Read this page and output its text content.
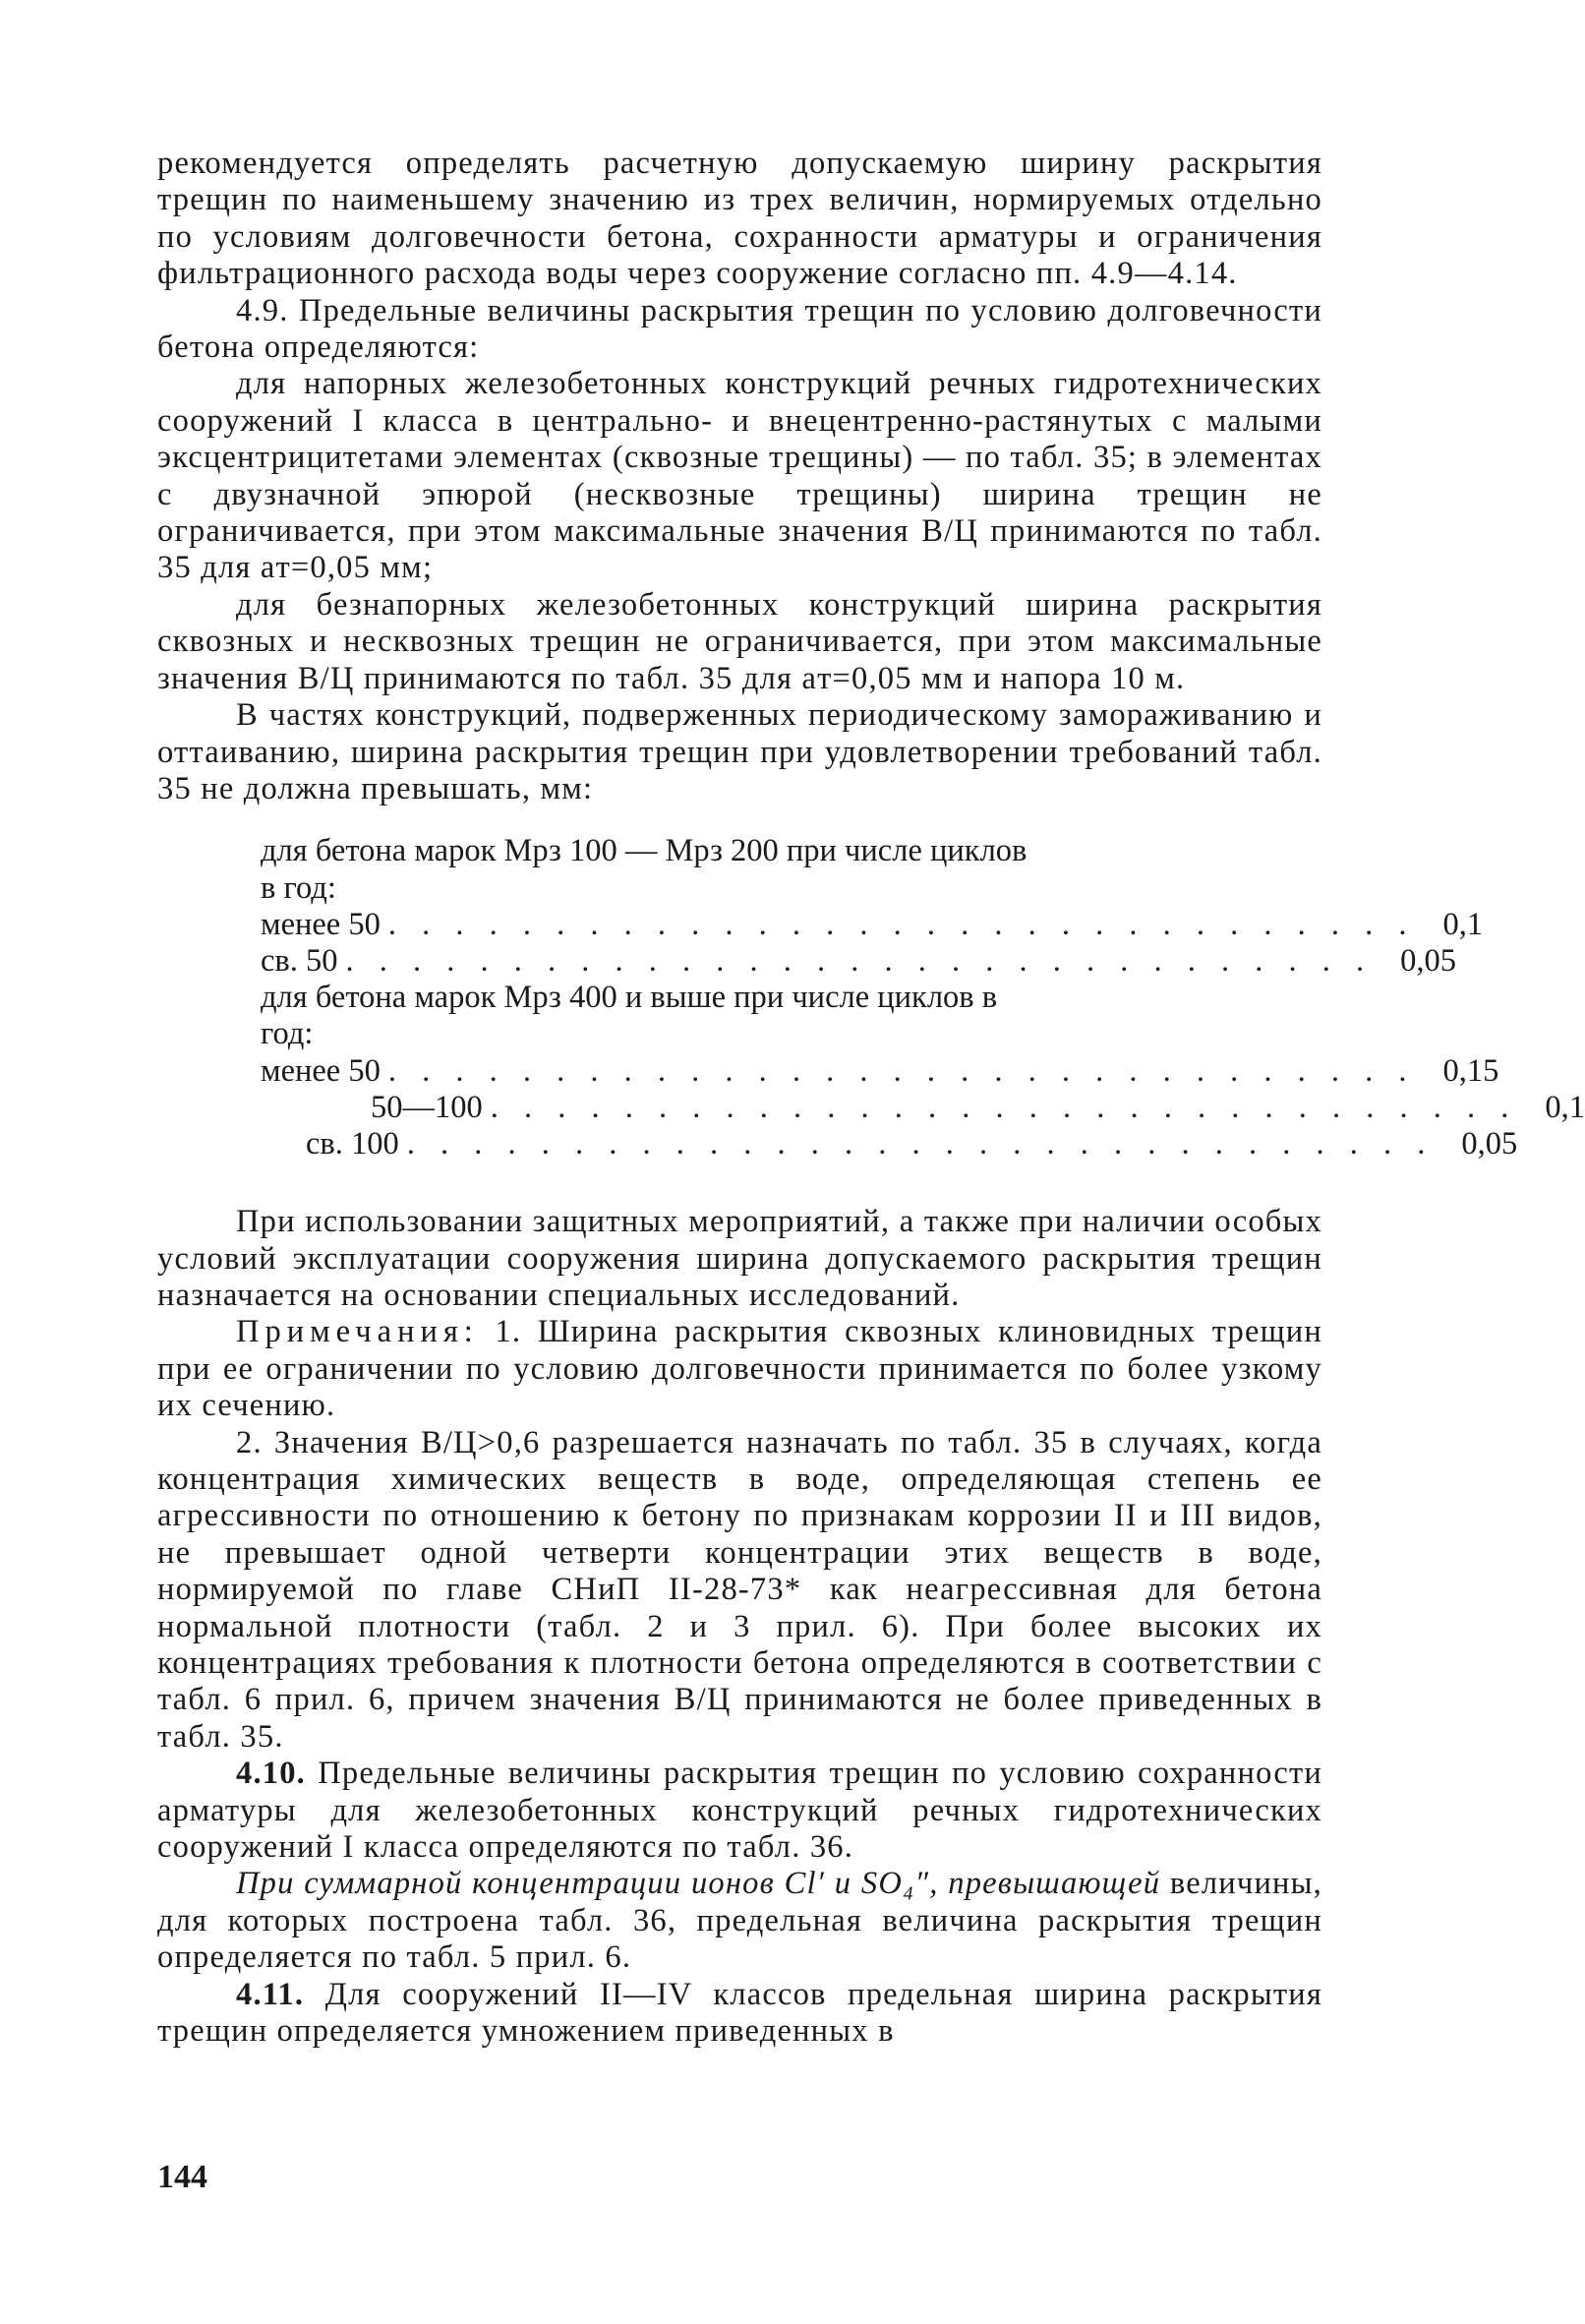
рекомендуется определять расчетную допускаемую ширину раскрытия трещин по наименьшему значению из трех величин, нормируемых отдельно по условиям долговечности бетона, сохранности арматуры и ограничения фильтрационного расхода воды через сооружение согласно пп. 4.9—4.14.

4.9. Предельные величины раскрытия трещин по условию долговечности бетона определяются:

для напорных железобетонных конструкций речных гидротехнических сооружений I класса в центрально- и внецентренно-растянутых с малыми эксцентрицитетами элементах (сквозные трещины) — по табл. 35; в элементах с двузначной эпюрой (несквозные трещины) ширина трещин не ограничивается, при этом максимальные значения В/Ц принимаются по табл. 35 для aт=0,05 мм;

для безнапорных железобетонных конструкций ширина раскрытия сквозных и несквозных трещин не ограничивается, при этом максимальные значения В/Ц принимаются по табл. 35 для aт=0,05 мм и напора 10 м.

В частях конструкций, подверженных периодическому замораживанию и оттаиванию, ширина раскрытия трещин при удовлетворении требований табл. 35 не должна превышать, мм:

для бетона марок Мрз 100 — Мрз 200 при числе циклов
в год:
менее 50 . . . . . . . . . . . . . . . . . . . . . . . . . . . . . . . 0,1
св. 50 . . . . . . . . . . . . . . . . . . . . . . . . . . . . . . . 0,05
для бетона марок Мрз 400 и выше при числе циклов в
год:
менее 50 . . . . . . . . . . . . . . . . . . . . . . . . . . . . . . . 0,15
50—100 . . . . . . . . . . . . . . . . . . . . . . . . . . . . . . . 0,1
св. 100 . . . . . . . . . . . . . . . . . . . . . . . . . . . . . . . 0,05

При использовании защитных мероприятий, а также при наличии особых условий эксплуатации сооружения ширина допускаемого раскрытия трещин назначается на основании специальных исследований.

Примечания: 1. Ширина раскрытия сквозных клиновидных трещин при ее ограничении по условию долговечности принимается по более узкому их сечению.

2. Значения В/Ц>0,6 разрешается назначать по табл. 35 в случаях, когда концентрация химических веществ в воде, определяющая степень ее агрессивности по отношению к бетону по признакам коррозии II и III видов, не превышает одной четверти концентрации этих веществ в воде, нормируемой по главе СНиП II-28-73* как неагрессивная для бетона нормальной плотности (табл. 2 и 3 прил. 6). При более высоких их концентрациях требования к плотности бетона определяются в соответствии с табл. 6 прил. 6, причем значения В/Ц принимаются не более приведенных в табл. 35.

4.10. Предельные величины раскрытия трещин по условию сохранности арматуры для железобетонных конструкций речных гидротехнических сооружений I класса определяются по табл. 36.

При суммарной концентрации ионов Cl′ и SO₄″, превышающей величины, для которых построена табл. 36, предельная величина раскрытия трещин определяется по табл. 5 прил. 6.

4.11. Для сооружений II—IV классов предельная ширина раскрытия трещин определяется умножением приведенных в

144
